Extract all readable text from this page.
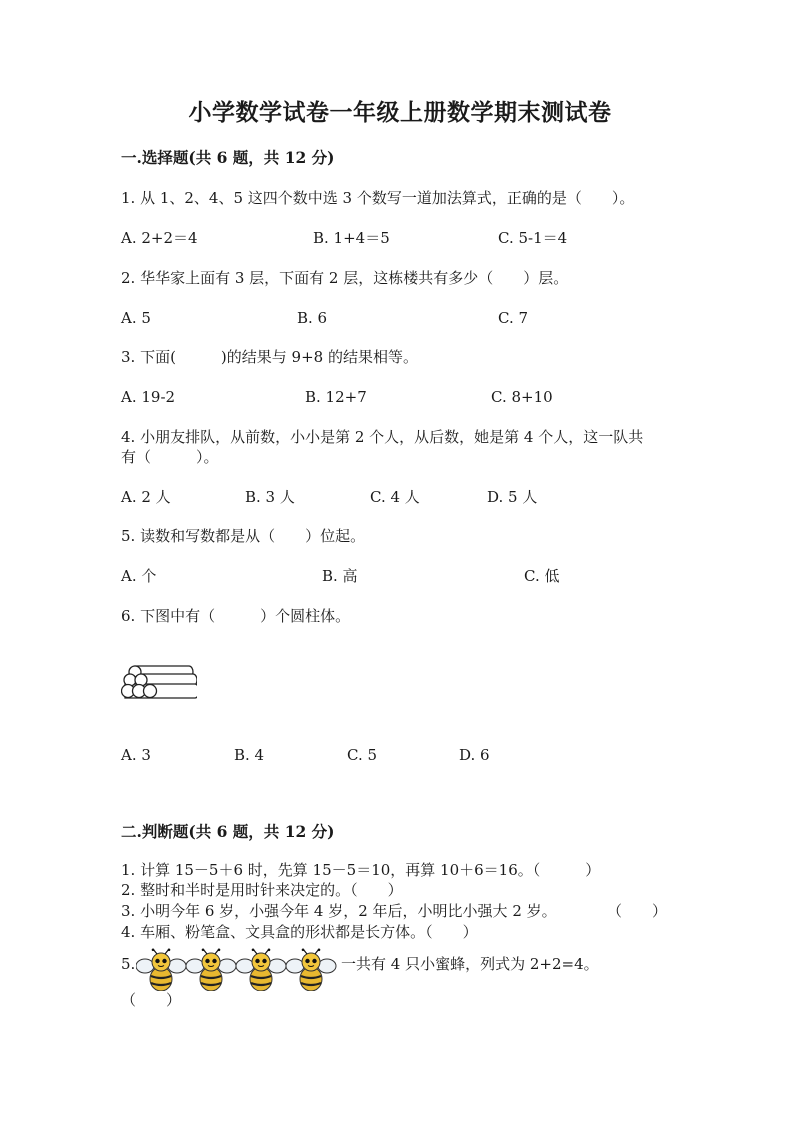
小学数学试卷一年级上册数学期末测试卷
一.选择题(共 6 题，共 12 分)
1. 从 1、2、4、5 这四个数中选 3 个数写一道加法算式，正确的是（　　）。
A. 2+2＝4	B. 1+4＝5	C. 5-1＝4
2. 华华家上面有 3 层，下面有 2 层，这栋楼共有多少（　　）层。
A. 5	B. 6	C. 7
3. 下面(　　　)的结果与 9+8 的结果相等。
A. 19-2	B. 12+7	C. 8+10
4. 小朋友排队，从前数，小小是第 2 个人，从后数，她是第 4 个人，这一队共
有（　　　）。
A. 2 人	B. 3 人	C. 4 人	D. 5 人
5. 读数和写数都是从（　　）位起。
A. 个	B. 高	C. 低
6. 下图中有（　　　）个圆柱体。
A. 3	B. 4	C. 5	D. 6
二.判断题(共 6 题，共 12 分)
1. 计算 15－5＋6 时，先算 15－5＝10，再算 10＋6＝16。（　　　）
2. 整时和半时是用时针来决定的。（　　）
3. 小明今年 6 岁，小强今年 4 岁，2 年后，小明比小强大 2 岁。	（　　）
4. 车厢、粉笔盒、文具盒的形状都是长方体。（　　）
5.	一共有 4 只小蜜蜂，列式为 2+2=4。
（　　）
